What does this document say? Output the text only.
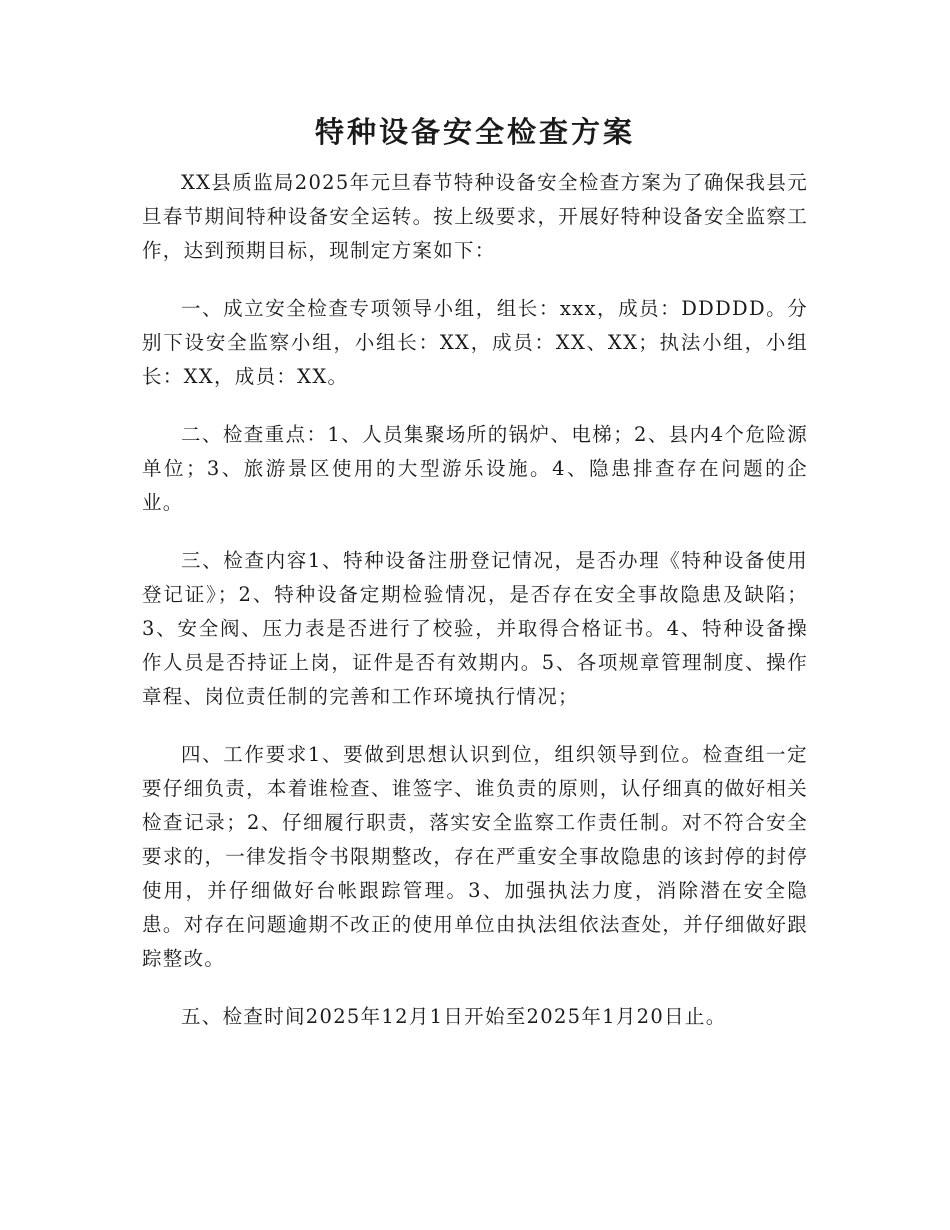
特种设备安全检查方案

XX县质监局2025年元旦春节特种设备安全检查方案为了确保我县元旦春节期间特种设备安全运转。按上级要求，开展好特种设备安全监察工作，达到预期目标，现制定方案如下：

一、成立安全检查专项领导小组，组长：xxx，成员：DDDDD。分别下设安全监察小组，小组长：XX，成员：XX、XX；执法小组，小组长：XX，成员：XX。

二、检查重点：1、人员集聚场所的锅炉、电梯；2、县内4个危险源单位；3、旅游景区使用的大型游乐设施。4、隐患排查存在问题的企业。

三、检查内容1、特种设备注册登记情况，是否办理《特种设备使用登记证》；2、特种设备定期检验情况，是否存在安全事故隐患及缺陷；3、安全阀、压力表是否进行了校验，并取得合格证书。4、特种设备操作人员是否持证上岗，证件是否有效期内。5、各项规章管理制度、操作章程、岗位责任制的完善和工作环境执行情况；

四、工作要求1、要做到思想认识到位，组织领导到位。检查组一定要仔细负责，本着谁检查、谁签字、谁负责的原则，认仔细真的做好相关检查记录；2、仔细履行职责，落实安全监察工作责任制。对不符合安全要求的，一律发指令书限期整改，存在严重安全事故隐患的该封停的封停使用，并仔细做好台帐跟踪管理。3、加强执法力度，消除潜在安全隐患。对存在问题逾期不改正的使用单位由执法组依法查处，并仔细做好跟踪整改。

五、检查时间2025年12月1日开始至2025年1月20日止。
